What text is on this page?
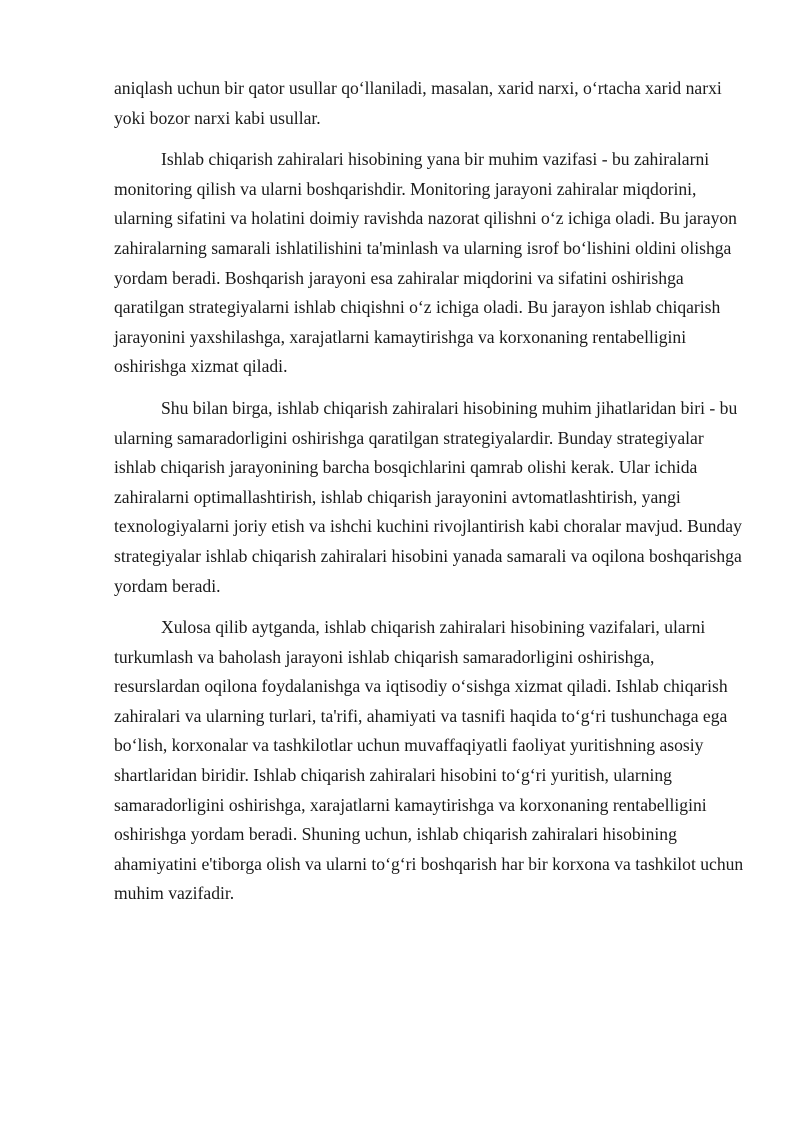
aniqlash uchun bir qator usullar qo‘llaniladi, masalan, xarid narxi, o‘rtacha xarid narxi yoki bozor narxi kabi usullar.

Ishlab chiqarish zahiralari hisobining yana bir muhim vazifasi - bu zahiralarni monitoring qilish va ularni boshqarishdir. Monitoring jarayoni zahiralar miqdorini, ularning sifatini va holatini doimiy ravishda nazorat qilishni o‘z ichiga oladi. Bu jarayon zahiralarning samarali ishlatilishini ta'minlash va ularning isrof bo‘lishini oldini olishga yordam beradi. Boshqarish jarayoni esa zahiralar miqdorini va sifatini oshirishga qaratilgan strategiyalarni ishlab chiqishni o‘z ichiga oladi. Bu jarayon ishlab chiqarish jarayonini yaxshilashga, xarajatlarni kamaytirishga va korxonaning rentabelligini oshirishga xizmat qiladi.

Shu bilan birga, ishlab chiqarish zahiralari hisobining muhim jihatlaridan biri - bu ularning samaradorligini oshirishga qaratilgan strategiyalardir. Bunday strategiyalar ishlab chiqarish jarayonining barcha bosqichlarini qamrab olishi kerak. Ular ichida zahiralarni optimallashtirish, ishlab chiqarish jarayonini avtomatlashtirish, yangi texnologiyalarni joriy etish va ishchi kuchini rivojlantirish kabi choralar mavjud. Bunday strategiyalar ishlab chiqarish zahiralari hisobini yanada samarali va oqilona boshqarishga yordam beradi.

Xulosa qilib aytganda, ishlab chiqarish zahiralari hisobining vazifalari, ularni turkumlash va baholash jarayoni ishlab chiqarish samaradorligini oshirishga, resurslardan oqilona foydalanishga va iqtisodiy o‘sishga xizmat qiladi. Ishlab chiqarish zahiralari va ularning turlari, ta'rifi, ahamiyati va tasnifi haqida to‘g‘ri tushunchaga ega bo‘lish, korxonalar va tashkilotlar uchun muvaffaqiyatli faoliyat yuritishning asosiy shartlaridan biridir. Ishlab chiqarish zahiralari hisobini to‘g‘ri yuritish, ularning samaradorligini oshirishga, xarajatlarni kamaytirishga va korxonaning rentabelligini oshirishga yordam beradi. Shuning uchun, ishlab chiqarish zahiralari hisobining ahamiyatini e'tiborga olish va ularni to‘g‘ri boshqarish har bir korxona va tashkilot uchun muhim vazifadir.
